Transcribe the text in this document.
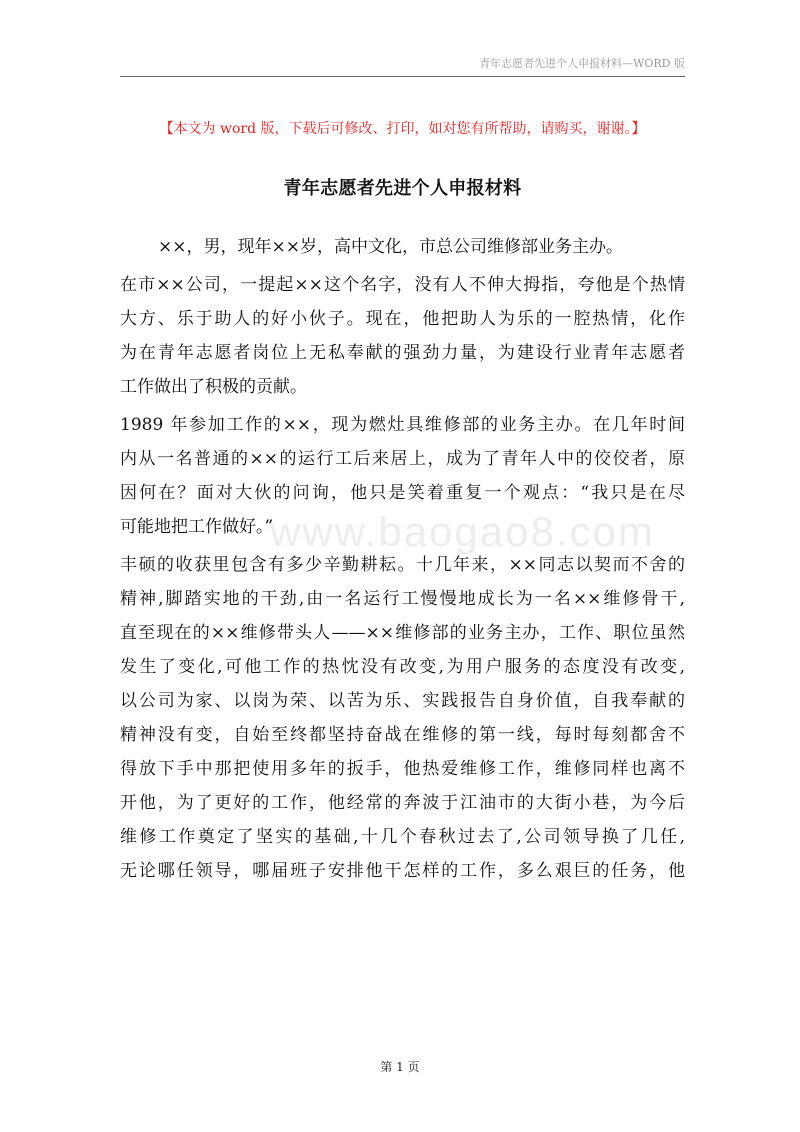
青年志愿者先进个人申报材料—WORD 版
【本文为 word 版，下载后可修改、打印，如对您有所帮助，请购买，谢谢。】
青年志愿者先进个人申报材料
××，男，现年××岁，高中文化，市总公司维修部业务主办。
在市××公司，一提起××这个名字，没有人不伸大拇指，夸他是个热情
大方、乐于助人的好小伙子。现在，他把助人为乐的一腔热情，化作
为在青年志愿者岗位上无私奉献的强劲力量，为建设行业青年志愿者
工作做出了积极的贡献。
1989 年参加工作的××，现为燃灶具维修部的业务主办。在几年时间
内从一名普通的××的运行工后来居上，成为了青年人中的佼佼者，原
因何在？面对大伙的问询，他只是笑着重复一个观点：“我只是在尽
可能地把工作做好。”
丰硕的收获里包含有多少辛勤耕耘。十几年来，××同志以契而不舍的
精神,脚踏实地的干劲,由一名运行工慢慢地成长为一名××维修骨干,
直至现在的××维修带头人——××维修部的业务主办，工作、职位虽然
发生了变化,可他工作的热忱没有改变,为用户服务的态度没有改变,
以公司为家、以岗为荣、以苦为乐、实践报告自身价值，自我奉献的
精神没有变，自始至终都坚持奋战在维修的第一线，每时每刻都舍不
得放下手中那把使用多年的扳手，他热爱维修工作，维修同样也离不
开他，为了更好的工作，他经常的奔波于江油市的大街小巷，为今后
维修工作奠定了坚实的基础,十几个春秋过去了,公司领导换了几任,
无论哪任领导，哪届班子安排他干怎样的工作，多么艰巨的任务，他
www.baogao8.com
第 1 页
